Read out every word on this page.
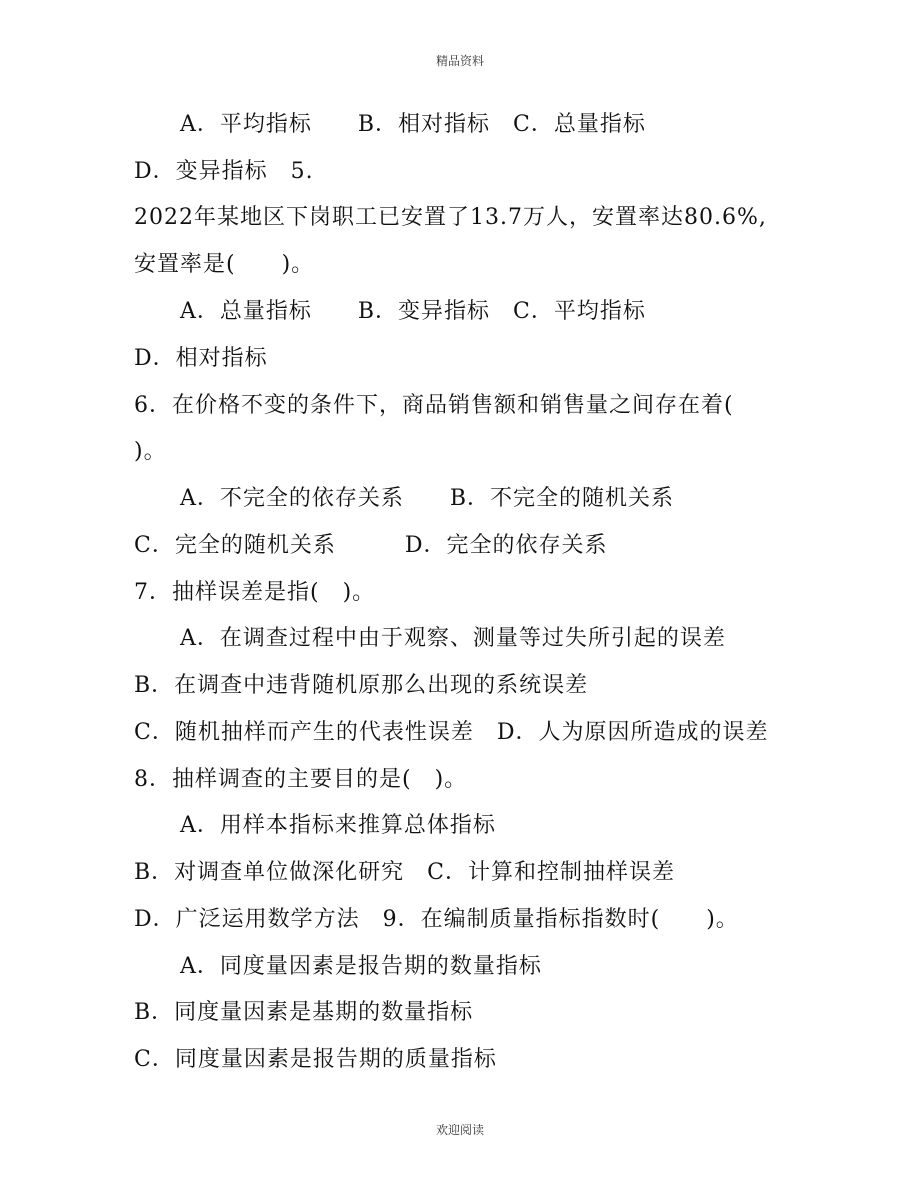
精品资料
A．平均指标　　B．相对指标　C．总量指标
D．变异指标　5.
2022年某地区下岗职工已安置了13.7万人，安置率达80.6%,
安置率是(　　)。
A．总量指标　　B．变异指标　C．平均指标
D．相对指标
6．在价格不变的条件下，商品销售额和销售量之间存在着(
)。
A．不完全的依存关系　　B．不完全的随机关系
C．完全的随机关系　　　D．完全的依存关系
7．抽样误差是指(　)。
A．在调查过程中由于观察、测量等过失所引起的误差
B．在调查中违背随机原那么出现的系统误差
C．随机抽样而产生的代表性误差　D．人为原因所造成的误差
8．抽样调查的主要目的是(　)。
A．用样本指标来推算总体指标
B．对调查单位做深化研究　C．计算和控制抽样误差
D．广泛运用数学方法　9．在编制质量指标指数时(　　)。
A．同度量因素是报告期的数量指标
B．同度量因素是基期的数量指标
C．同度量因素是报告期的质量指标
欢迎阅读
